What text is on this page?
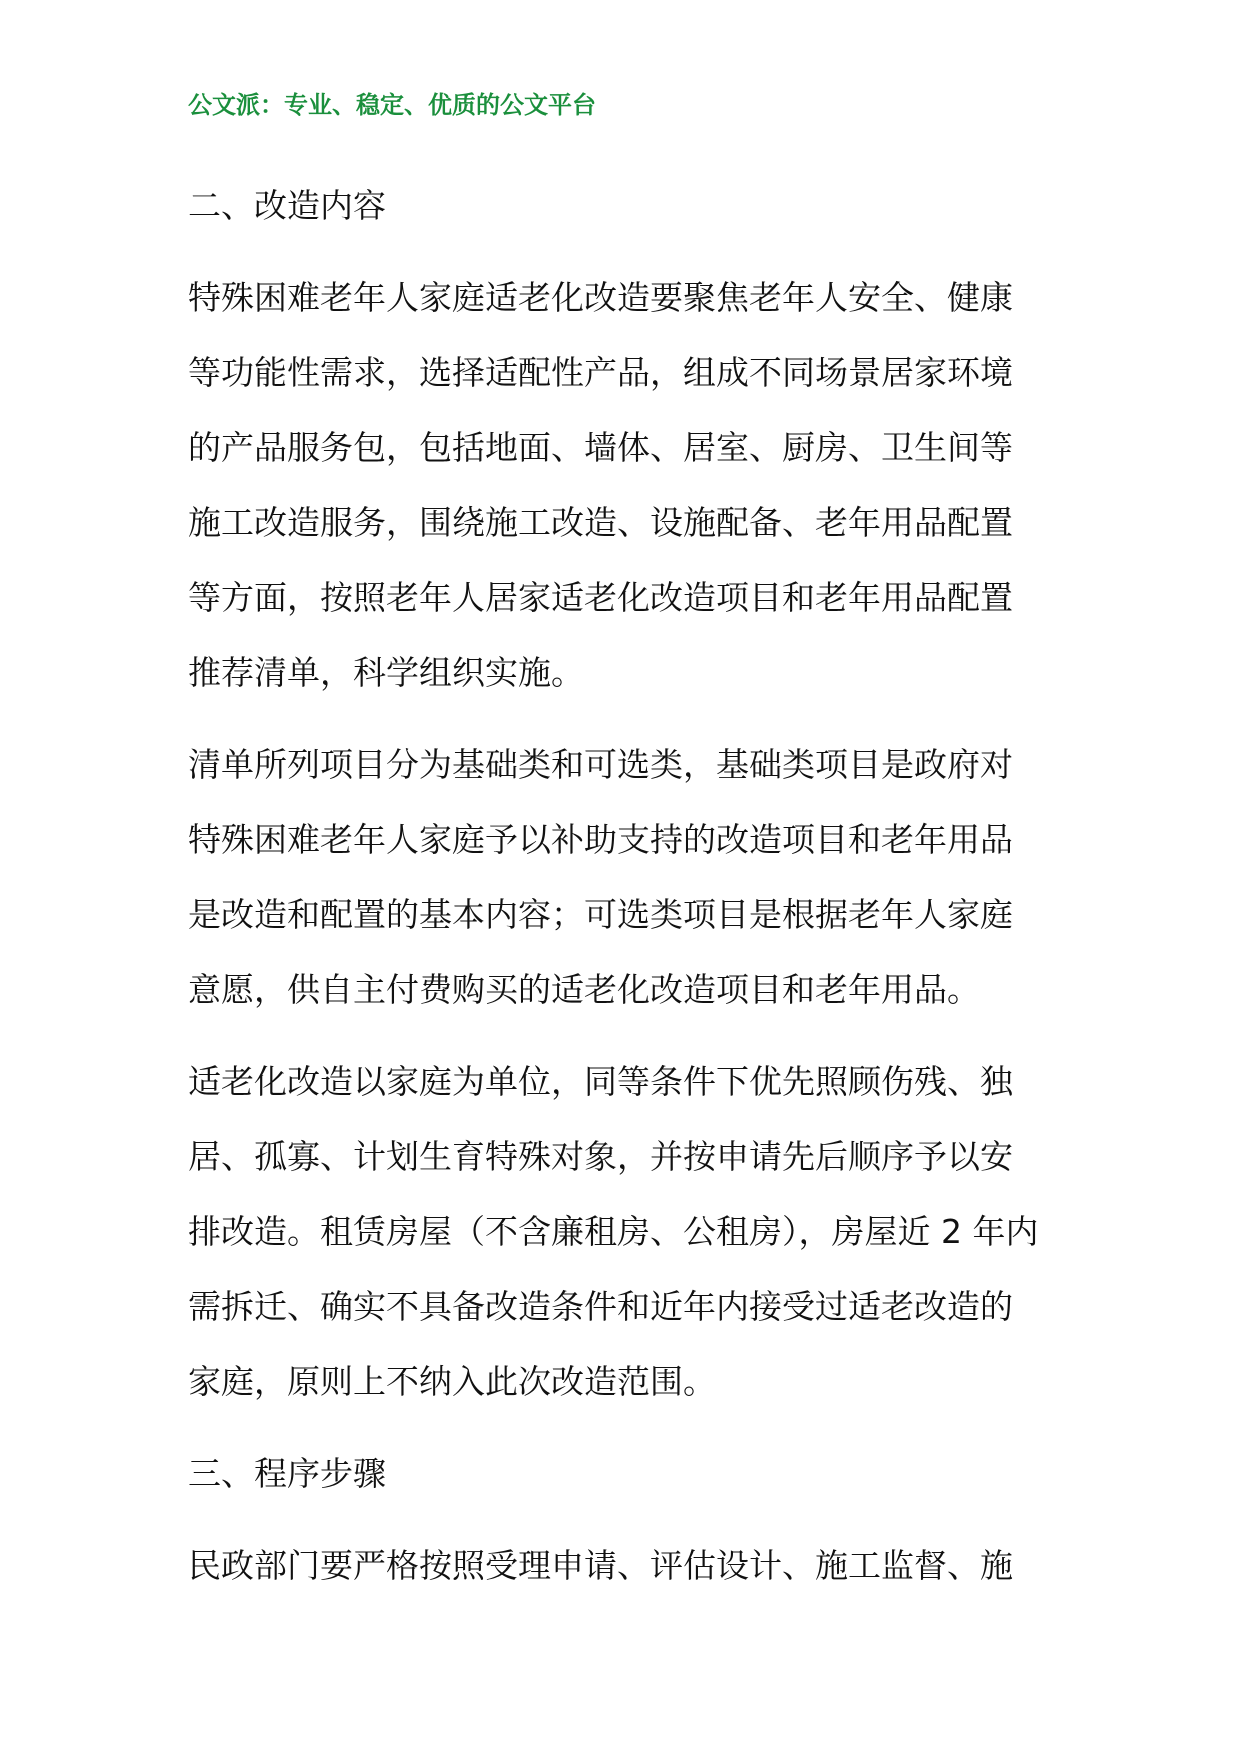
公文派：专业、稳定、优质的公文平台
二、改造内容
特殊困难老年人家庭适老化改造要聚焦老年人安全、健康
等功能性需求，选择适配性产品，组成不同场景居家环境
的产品服务包，包括地面、墙体、居室、厨房、卫生间等
施工改造服务，围绕施工改造、设施配备、老年用品配置
等方面，按照老年人居家适老化改造项目和老年用品配置
推荐清单，科学组织实施。
清单所列项目分为基础类和可选类，基础类项目是政府对
特殊困难老年人家庭予以补助支持的改造项目和老年用品
是改造和配置的基本内容；可选类项目是根据老年人家庭
意愿，供自主付费购买的适老化改造项目和老年用品。
适老化改造以家庭为单位，同等条件下优先照顾伤残、独
居、孤寡、计划生育特殊对象，并按申请先后顺序予以安
排改造。租赁房屋（不含廉租房、公租房），房屋近 2 年内
需拆迁、确实不具备改造条件和近年内接受过适老改造的
家庭，原则上不纳入此次改造范围。
三、程序步骤
民政部门要严格按照受理申请、评估设计、施工监督、施
